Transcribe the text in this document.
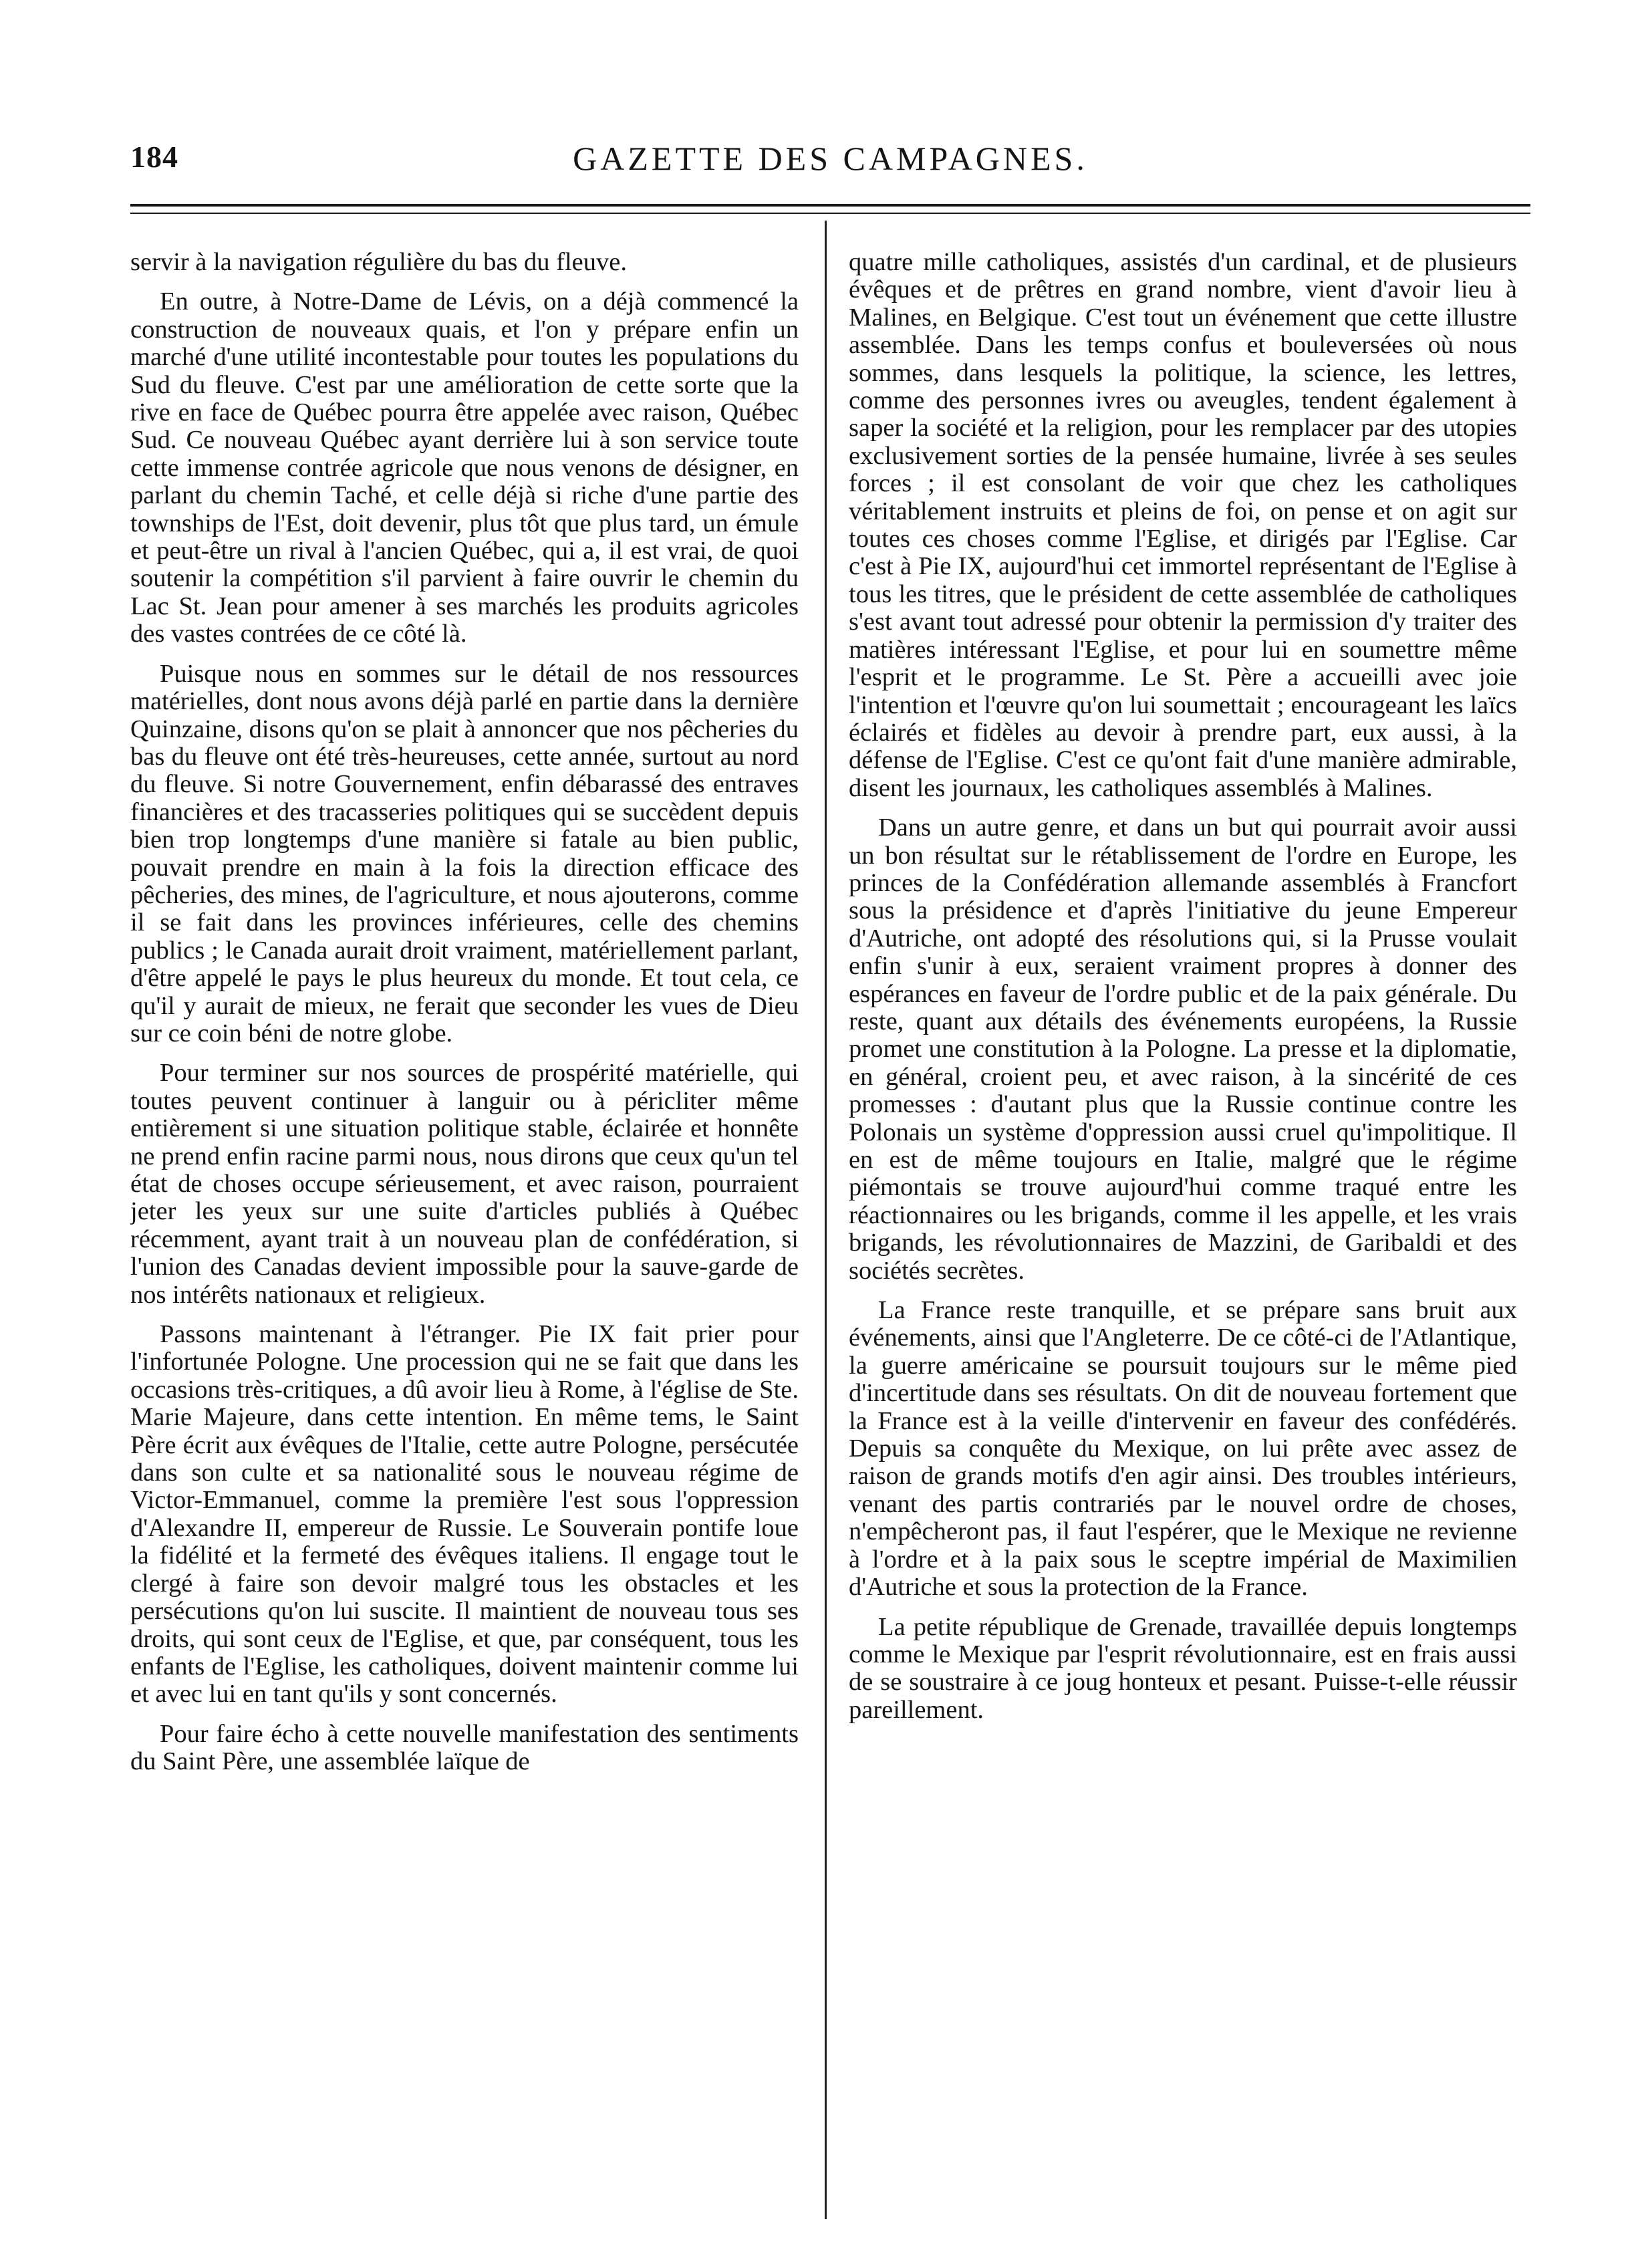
184	GAZETTE DES CAMPAGNES.

servir à la navigation régulière du bas du fleuve.

En outre, à Notre-Dame de Lévis, on a déjà commencé la construction de nouveaux quais, et l'on y prépare enfin un marché d'une utilité incontestable pour toutes les populations du Sud du fleuve. C'est par une amélioration de cette sorte que la rive en face de Québec pourra être appelée avec raison, Québec Sud. Ce nouveau Québec ayant derrière lui à son service toute cette immense contrée agricole que nous venons de désigner, en parlant du chemin Taché, et celle déjà si riche d'une partie des townships de l'Est, doit devenir, plus tôt que plus tard, un émule et peut-être un rival à l'ancien Québec, qui a, il est vrai, de quoi soutenir la compétition s'il parvient à faire ouvrir le chemin du Lac St. Jean pour amener à ses marchés les produits agricoles des vastes contrées de ce côté là.

Puisque nous en sommes sur le détail de nos ressources matérielles, dont nous avons déjà parlé en partie dans la dernière Quinzaine, disons qu'on se plait à annoncer que nos pêcheries du bas du fleuve ont été très-heureuses, cette année, surtout au nord du fleuve. Si notre Gouvernement, enfin débarassé des entraves financières et des tracasseries politiques qui se succèdent depuis bien trop longtemps d'une manière si fatale au bien public, pouvait prendre en main à la fois la direction efficace des pêcheries, des mines, de l'agriculture, et nous ajouterons, comme il se fait dans les provinces inférieures, celle des chemins publics ; le Canada aurait droit vraiment, matériellement parlant, d'être appelé le pays le plus heureux du monde. Et tout cela, ce qu'il y aurait de mieux, ne ferait que seconder les vues de Dieu sur ce coin béni de notre globe.

Pour terminer sur nos sources de prospérité matérielle, qui toutes peuvent continuer à languir ou à péricliter même entièrement si une situation politique stable, éclairée et honnête ne prend enfin racine parmi nous, nous dirons que ceux qu'un tel état de choses occupe sérieusement, et avec raison, pourraient jeter les yeux sur une suite d'articles publiés à Québec récemment, ayant trait à un nouveau plan de confédération, si l'union des Canadas devient impossible pour la sauve-garde de nos intérêts nationaux et religieux.

Passons maintenant à l'étranger. Pie IX fait prier pour l'infortunée Pologne. Une procession qui ne se fait que dans les occasions très-critiques, a dû avoir lieu à Rome, à l'église de Ste. Marie Majeure, dans cette intention. En même tems, le Saint Père écrit aux évêques de l'Italie, cette autre Pologne, persécutée dans son culte et sa nationalité sous le nouveau régime de Victor-Emmanuel, comme la première l'est sous l'oppression d'Alexandre II, empereur de Russie. Le Souverain pontife loue la fidélité et la fermeté des évêques italiens. Il engage tout le clergé à faire son devoir malgré tous les obstacles et les persécutions qu'on lui suscite. Il maintient de nouveau tous ses droits, qui sont ceux de l'Eglise, et que, par conséquent, tous les enfants de l'Eglise, les catholiques, doivent maintenir comme lui et avec lui en tant qu'ils y sont concernés.

Pour faire écho à cette nouvelle manifestation des sentiments du Saint Père, une assemblée laïque de

quatre mille catholiques, assistés d'un cardinal, et de plusieurs évêques et de prêtres en grand nombre, vient d'avoir lieu à Malines, en Belgique. C'est tout un événement que cette illustre assemblée. Dans les temps confus et bouleversées où nous sommes, dans lesquels la politique, la science, les lettres, comme des personnes ivres ou aveugles, tendent également à saper la société et la religion, pour les remplacer par des utopies exclusivement sorties de la pensée humaine, livrée à ses seules forces ; il est consolant de voir que chez les catholiques véritablement instruits et pleins de foi, on pense et on agit sur toutes ces choses comme l'Eglise, et dirigés par l'Eglise. Car c'est à Pie IX, aujourd'hui cet immortel représentant de l'Eglise à tous les titres, que le président de cette assemblée de catholiques s'est avant tout adressé pour obtenir la permission d'y traiter des matières intéressant l'Eglise, et pour lui en soumettre même l'esprit et le programme. Le St. Père a accueilli avec joie l'intention et l'œuvre qu'on lui soumettait ; encourageant les laïcs éclairés et fidèles au devoir à prendre part, eux aussi, à la défense de l'Eglise. C'est ce qu'ont fait d'une manière admirable, disent les journaux, les catholiques assemblés à Malines.

Dans un autre genre, et dans un but qui pourrait avoir aussi un bon résultat sur le rétablissement de l'ordre en Europe, les princes de la Confédération allemande assemblés à Francfort sous la présidence et d'après l'initiative du jeune Empereur d'Autriche, ont adopté des résolutions qui, si la Prusse voulait enfin s'unir à eux, seraient vraiment propres à donner des espérances en faveur de l'ordre public et de la paix générale. Du reste, quant aux détails des événements européens, la Russie promet une constitution à la Pologne. La presse et la diplomatie, en général, croient peu, et avec raison, à la sincérité de ces promesses : d'autant plus que la Russie continue contre les Polonais un système d'oppression aussi cruel qu'impolitique. Il en est de même toujours en Italie, malgré que le régime piémontais se trouve aujourd'hui comme traqué entre les réactionnaires ou les brigands, comme il les appelle, et les vrais brigands, les révolutionnaires de Mazzini, de Garibaldi et des sociétés secrètes.

La France reste tranquille, et se prépare sans bruit aux événements, ainsi que l'Angleterre. De ce côté-ci de l'Atlantique, la guerre américaine se poursuit toujours sur le même pied d'incertitude dans ses résultats. On dit de nouveau fortement que la France est à la veille d'intervenir en faveur des confédérés. Depuis sa conquête du Mexique, on lui prête avec assez de raison de grands motifs d'en agir ainsi. Des troubles intérieurs, venant des partis contrariés par le nouvel ordre de choses, n'empêcheront pas, il faut l'espérer, que le Mexique ne revienne à l'ordre et à la paix sous le sceptre impérial de Maximilien d'Autriche et sous la protection de la France.

La petite république de Grenade, travaillée depuis longtemps comme le Mexique par l'esprit révolutionnaire, est en frais aussi de se soustraire à ce joug honteux et pesant. Puisse-t-elle réussir pareillement.
